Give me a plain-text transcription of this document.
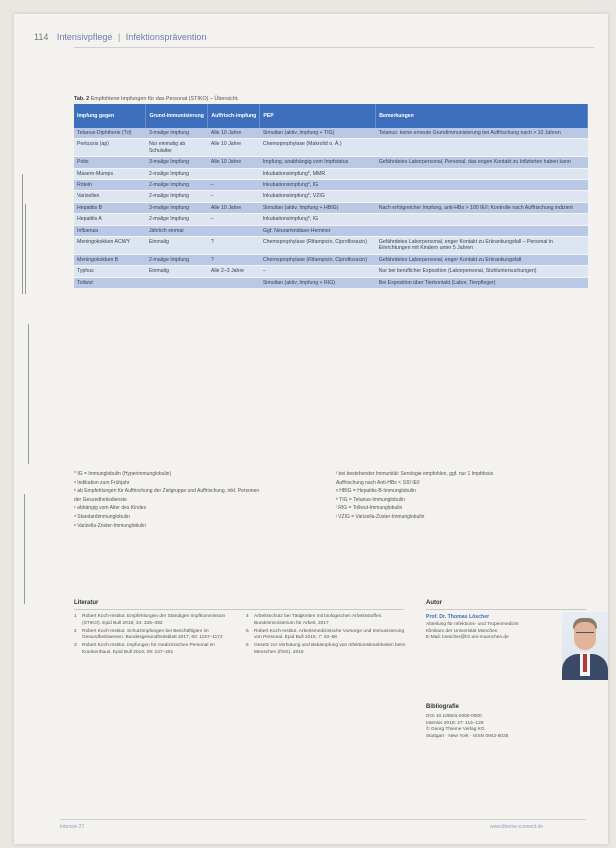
114 Intensivpflege | Infektionsprävention
Tab. 2 Empfohlene Impfungen für das Personal (STIKO) – Übersicht.
Impfung gegen	Grund-immunisierung	Auffrisch-impfung	PEP	Bemerkungen
Tetanus-Diphtherie (Td)	3-malige Impfung	Alle 10 Jahre	Simultan (aktiv, Impfung + TIG)	Tetanus: keine erneute Grundimmunisierung bei Auffrischung nach > 10 Jahren
Pertussis (ap)	Nur einmalig ab Schulalter	Alle 10 Jahre	Chemoprophylaxe (Makrolid o. Ä.)	
Polio	3-malige Impfung	Alle 10 Jahre	Impfung, unabhängig vom Impfstatus	Gefährdetes Laborpersonal, Personal, das engen Kontakt zu Infizierten haben kann
Masern-Mumps	2-malige Impfung		Inkubationsimpfung*, MMR	
Röteln	2-malige Impfung	–	Inkubationsimpfung*, IG	
Varizellen	2-malige Impfung	–	Inkubationsimpfung*, VZIG	
Hepatitis B	3-malige Impfung	Alle 10 Jahre	Simultan (aktiv, Impfung + HBIG)	Nach erfolgreicher Impfung, anti-HBs > 100 IE/l; Kontrolle nach Auffrischung indiziert
Hepatitis A	2-malige Impfung	–	Inkubationsimpfung*, IG	
Influenza	Jährlich einmal		Ggf. Neuraminidase-Hemmer	
Meningokokken ACWY	Einmalig	?	Chemoprophylaxe (Rifampicin, Ciprofloxacin)	Gefährdetes Laborpersonal, enger Kontakt zu Erkrankungsfall – Personal in Einrichtungen mit Kindern unter 5 Jahren
Meningokokken B	2-malige Impfung	?	Chemoprophylaxe (Rifampicin, Ciprofloxacin)	Gefährdetes Laborpersonal, enger Kontakt zu Erkrankungsfall
Typhus	Einmalig	Alle 2–3 Jahre	–	Nur bei beruflicher Exposition (Laborpersonal, Stuhluntersuchungen)
Tollwut			Simultan (aktiv, Impfung + RIG)	Bei Exposition über Tierkontakt (Labor, Tierpfleger)
* IG = Immunglobulin (Hyperimmunglobulin)
ᵃ Indikation zum Frühjahr
ᵇ ab Empfehlungen für Auffrischung der Zielgruppe und Auffrischung, inkl. Personen
der Gesundheitsdienste
ᶜ abhängig vom Alter des Kindes
ᵈ Standardimmunglobulin
ᵉ Varizella-Zoster-Immunglobulin
ᶠ bei bestehender Immunität: Serologie empfohlen, ggf. nur 1 Impfdosis
Auffrischung nach Anti-HBs < 100 IE/l
ᵍ HBIG = Hepatitis-B-Immunglobulin
ʰ TIG = Tetanus-Immunglobulin
ⁱ RIG = Tollwut-Immunglobulin
ʲ VZIG = Varizella-Zoster-Immunglobulin
Literatur
1	Robert Koch-Institut. Empfehlungen der Ständigen Impfkommission (STIKO). Epid Bull 2018; 34: 335–382
2	Robert Koch-Institut. Schutzimpfungen bei Beschäftigten im Gesundheitswesen. Bundesgesundheitsblatt 2017; 60: 1157–1172
3	Robert Koch-Institut. Impfungen für medizinisches Personal im Krankenhaus. Epid Bull 2016; 28: 247–251
4	Arbeitsschutz bei Tätigkeiten mit biologischen Arbeitsstoffen. Bundesministerium für Arbeit, 2017
5	Robert Koch-Institut. Arbeitsmedizinische Vorsorge und Immunisierung von Personal. Epid Bull 2015; 7: 43–58
6	Gesetz zur Verhütung und Bekämpfung von Infektionskrankheiten beim Menschen (IfSG). 2018
Autor
Prof. Dr. Thomas Löscher
Abteilung für Infektions- und Tropenmedizin
Klinikum der Universität München
E-Mail: loescher@lrz.uni-muenchen.de
Bibliografie
DOI 10.1055/a-0000-0000
Intensiv 2019; 27: 114–128
© Georg Thieme Verlag KG
Stuttgart · New York · ISSN 0942-6035
Intensiv 27	www.thieme-connect.de
